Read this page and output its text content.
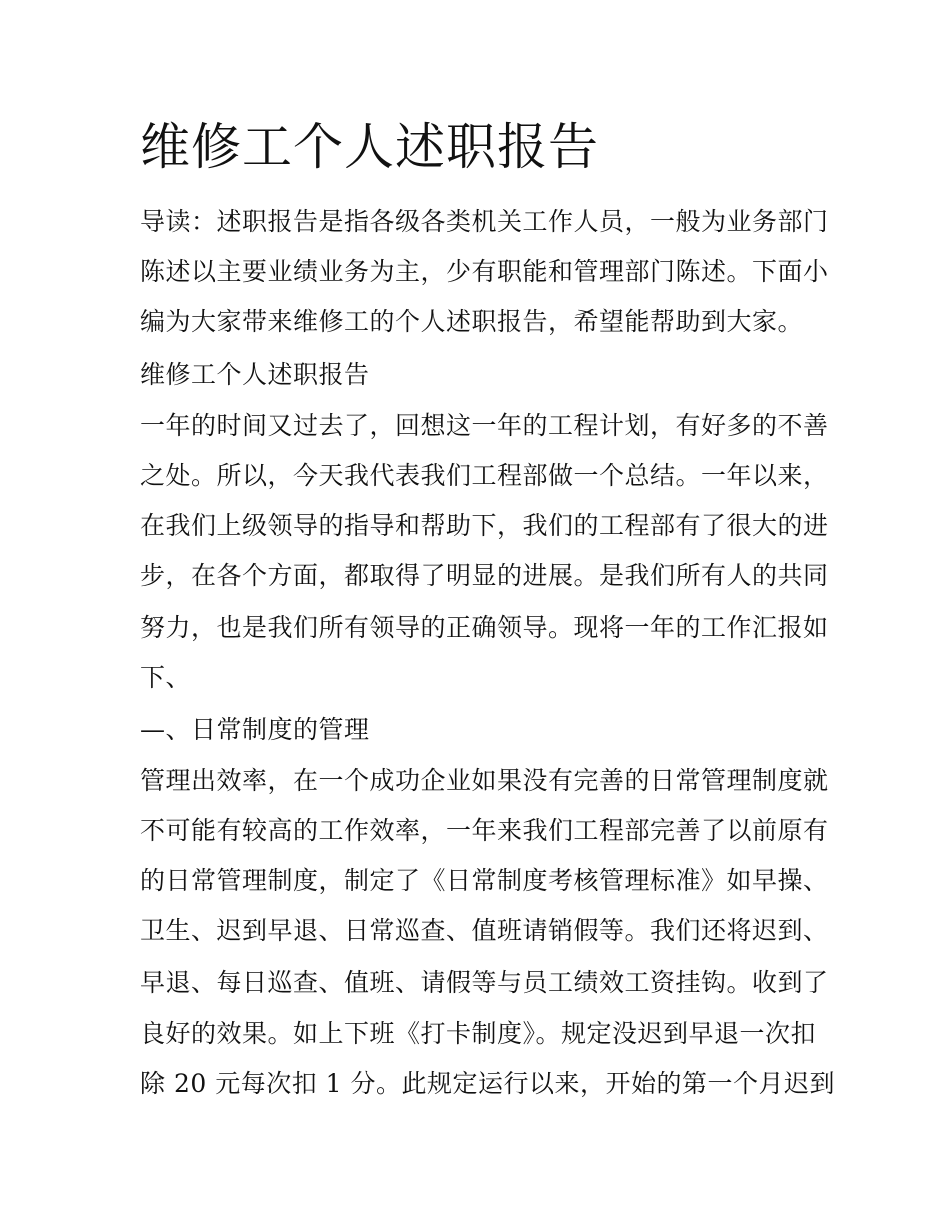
维修工个人述职报告

导读：述职报告是指各级各类机关工作人员，一般为业务部门

陈述以主要业绩业务为主，少有职能和管理部门陈述。下面小

编为大家带来维修工的个人述职报告，希望能帮助到大家。

维修工个人述职报告

一年的时间又过去了，回想这一年的工程计划，有好多的不善

之处。所以，今天我代表我们工程部做一个总结。一年以来，

在我们上级领导的指导和帮助下，我们的工程部有了很大的进

步，在各个方面，都取得了明显的进展。是我们所有人的共同

努力，也是我们所有领导的正确领导。现将一年的工作汇报如

下、

—、日常制度的管理

管理出效率，在一个成功企业如果没有完善的日常管理制度就

不可能有较高的工作效率，一年来我们工程部完善了以前原有

的日常管理制度，制定了《日常制度考核管理标准》如早操、

卫生、迟到早退、日常巡查、值班请销假等。我们还将迟到、

早退、每日巡查、值班、请假等与员工绩效工资挂钩。收到了

良好的效果。如上下班《打卡制度》。规定没迟到早退一次扣

除 20 元每次扣 1 分。此规定运行以来，开始的第一个月迟到
